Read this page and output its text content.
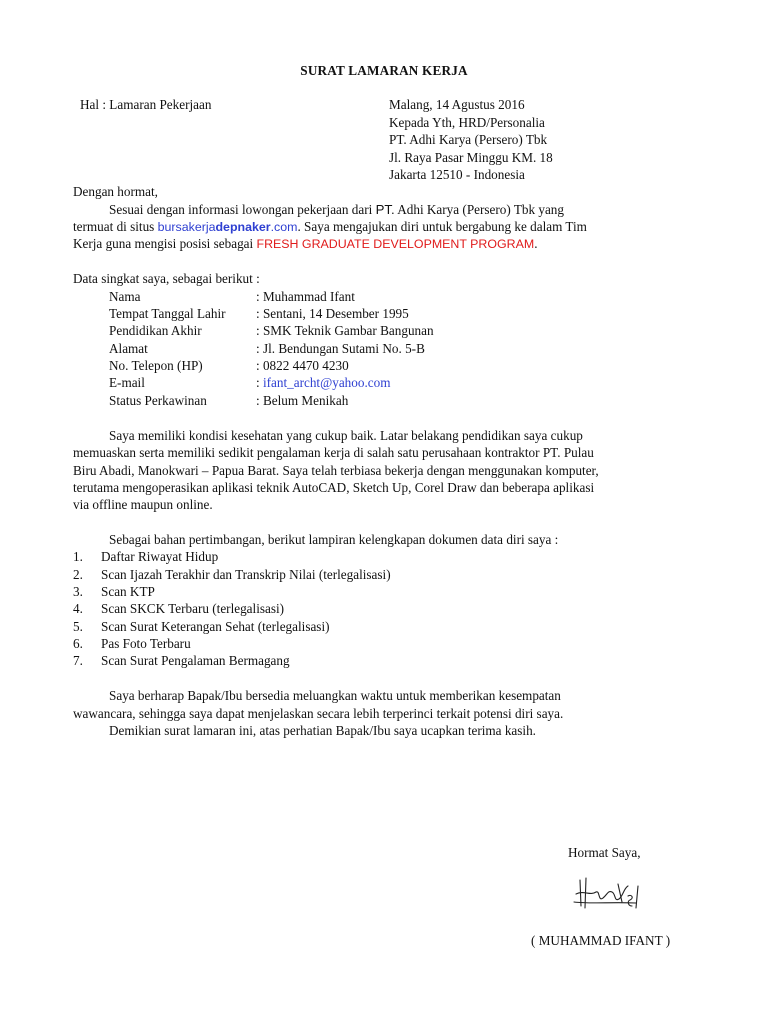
SURAT LAMARAN KERJA
Hal : Lamaran Pekerjaan	Malang, 14 Agustus 2016
Kepada Yth, HRD/Personalia
PT. Adhi Karya (Persero) Tbk
Jl. Raya Pasar Minggu KM. 18
Jakarta 12510 - Indonesia
Dengan hormat,
Sesuai dengan informasi lowongan pekerjaan dari PT. Adhi Karya (Persero) Tbk yang
termuat di situs bursakerjadepnaker.com. Saya mengajukan diri untuk bergabung ke dalam Tim
Kerja guna mengisi posisi sebagai FRESH GRADUATE DEVELOPMENT PROGRAM.
Data singkat saya, sebagai berikut :
Nama	: Muhammad Ifant
Tempat Tanggal Lahir : Sentani, 14 Desember 1995
Pendidikan Akhir	: SMK Teknik Gambar Bangunan
Alamat	: Jl. Bendungan Sutami No. 5-B
No. Telepon (HP)	: 0822 4470 4230
E-mail	: ifant_archt@yahoo.com
Status Perkawinan	: Belum Menikah
Saya memiliki kondisi kesehatan yang cukup baik. Latar belakang pendidikan saya cukup
memuaskan serta memiliki sedikit pengalaman kerja di salah satu perusahaan kontraktor PT. Pulau
Biru Abadi, Manokwari – Papua Barat. Saya telah terbiasa bekerja dengan menggunakan komputer,
terutama mengoperasikan aplikasi teknik AutoCAD, Sketch Up, Corel Draw dan beberapa aplikasi
via offline maupun online.
Sebagai bahan pertimbangan, berikut lampiran kelengkapan dokumen data diri saya :
1. Daftar Riwayat Hidup
2. Scan Ijazah Terakhir dan Transkrip Nilai (terlegalisasi)
3. Scan KTP
4. Scan SKCK Terbaru (terlegalisasi)
5. Scan Surat Keterangan Sehat (terlegalisasi)
6. Pas Foto Terbaru
7. Scan Surat Pengalaman Bermagang
Saya berharap Bapak/Ibu bersedia meluangkan waktu untuk memberikan kesempatan
wawancara, sehingga saya dapat menjelaskan secara lebih terperinci terkait potensi diri saya.
Demikian surat lamaran ini, atas perhatian Bapak/Ibu saya ucapkan terima kasih.
Hormat Saya,
( MUHAMMAD IFANT )
